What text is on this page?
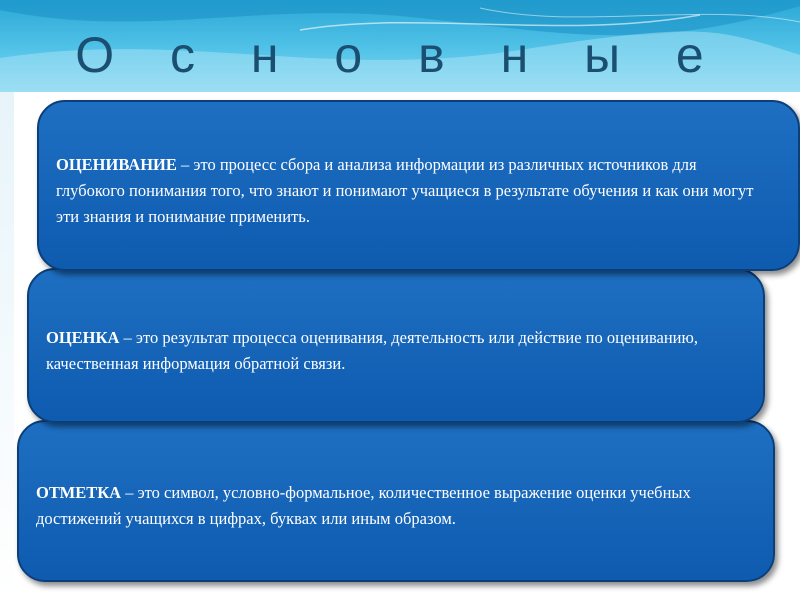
О с н о в н ы е

ОЦЕНИВАНИЕ – это процесс сбора и анализа информации из различных источников для глубокого понимания того, что знают и понимают учащиеся в результате обучения и как они могут эти знания и понимание применить.

ОЦЕНКА – это результат процесса оценивания, деятельность или действие по оцениванию, качественная информация обратной связи.

ОТМЕТКА – это символ, условно-формальное, количественное выражение оценки учебных достижений учащихся в цифрах, буквах или иным образом.
